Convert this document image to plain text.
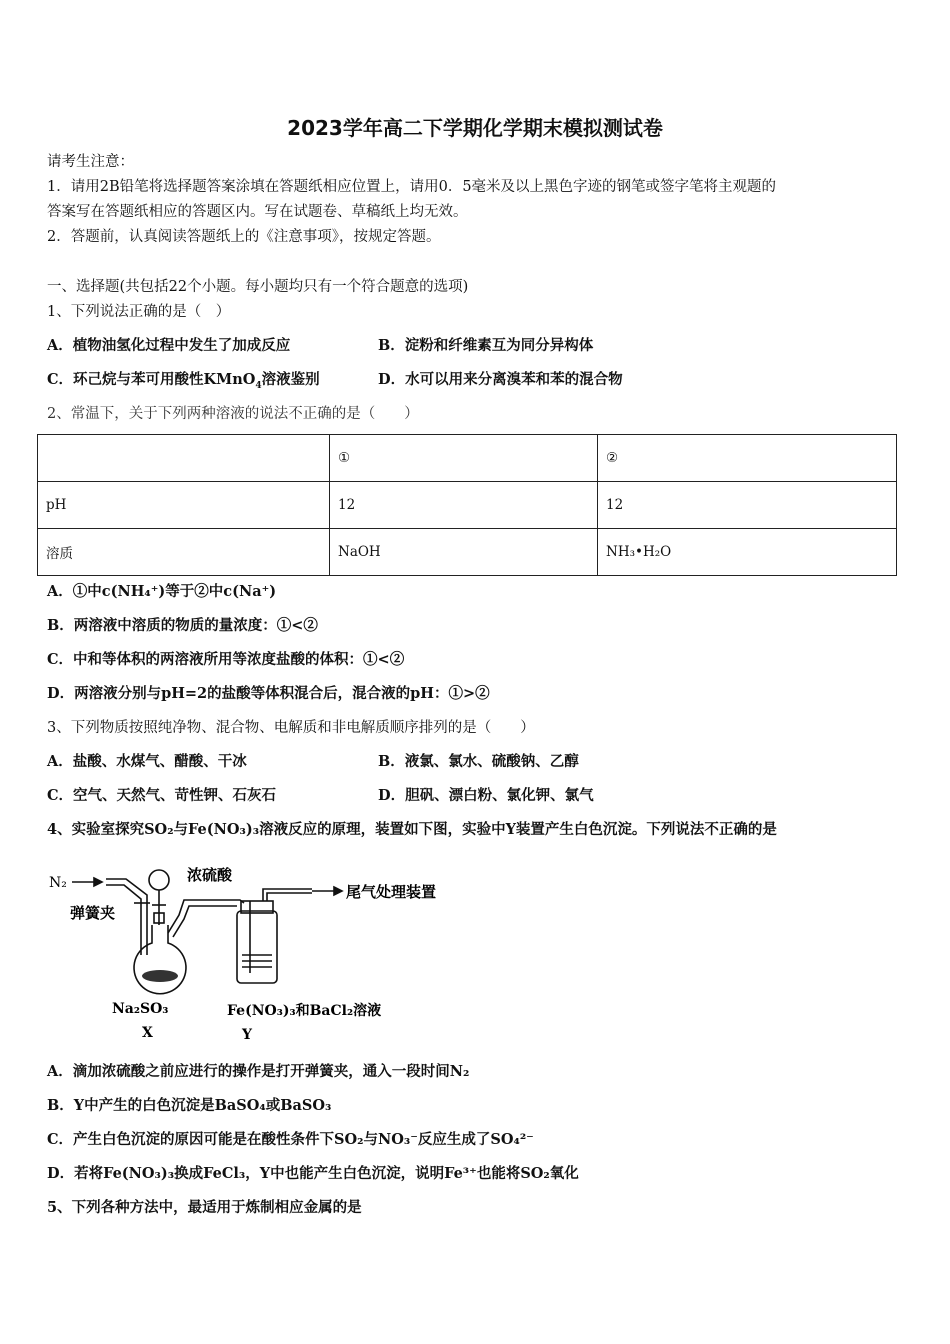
2023学年高二下学期化学期末模拟测试卷
请考生注意：
1．请用2B铅笔将选择题答案涂填在答题纸相应位置上，请用0．5毫米及以上黑色字迹的钢笔或签字笔将主观题的
答案写在答题纸相应的答题区内。写在试题卷、草稿纸上均无效。
2．答题前，认真阅读答题纸上的《注意事项》，按规定答题。
一、选择题(共包括22个小题。每小题均只有一个符合题意的选项)
1、下列说法正确的是（　）
A．植物油氢化过程中发生了加成反应	B．淀粉和纤维素互为同分异构体
C．环己烷与苯可用酸性KMnO$_4$溶液鉴别	D．水可以用来分离溴苯和苯的混合物
2、常温下，关于下列两种溶液的说法不正确的是（　　）
	①	②
pH	12	12
溶质	NaOH	NH₃•H₂O
A．①中c(NH₄⁺)等于②中c(Na⁺)
B．两溶液中溶质的物质的量浓度：①<②
C．中和等体积的两溶液所用等浓度盐酸的体积：①<②
D．两溶液分别与pH=2的盐酸等体积混合后，混合液的pH：①>②
3、下列物质按照纯净物、混合物、电解质和非电解质顺序排列的是（　　）
A．盐酸、水煤气、醋酸、干冰	B．液氯、氯水、硫酸钠、乙醇
C．空气、天然气、苛性钾、石灰石	D．胆矾、漂白粉、氯化钾、氯气
4、实验室探究SO₂与Fe(NO₃)₃溶液反应的原理，装置如下图，实验中Y装置产生白色沉淀。下列说法不正确的是
N₂	浓硫酸
弹簧夹
尾气处理装置
Na₂SO₃	Fe(NO₃)₃和BaCl₂溶液
X	Y
A．滴加浓硫酸之前应进行的操作是打开弹簧夹，通入一段时间N₂
B．Y中产生的白色沉淀是BaSO₄或BaSO₃
C．产生白色沉淀的原因可能是在酸性条件下SO₂与NO₃⁻反应生成了SO₄²⁻
D．若将Fe(NO₃)₃换成FeCl₃，Y中也能产生白色沉淀，说明Fe³⁺也能将SO₂氧化
5、下列各种方法中，最适用于炼制相应金属的是
